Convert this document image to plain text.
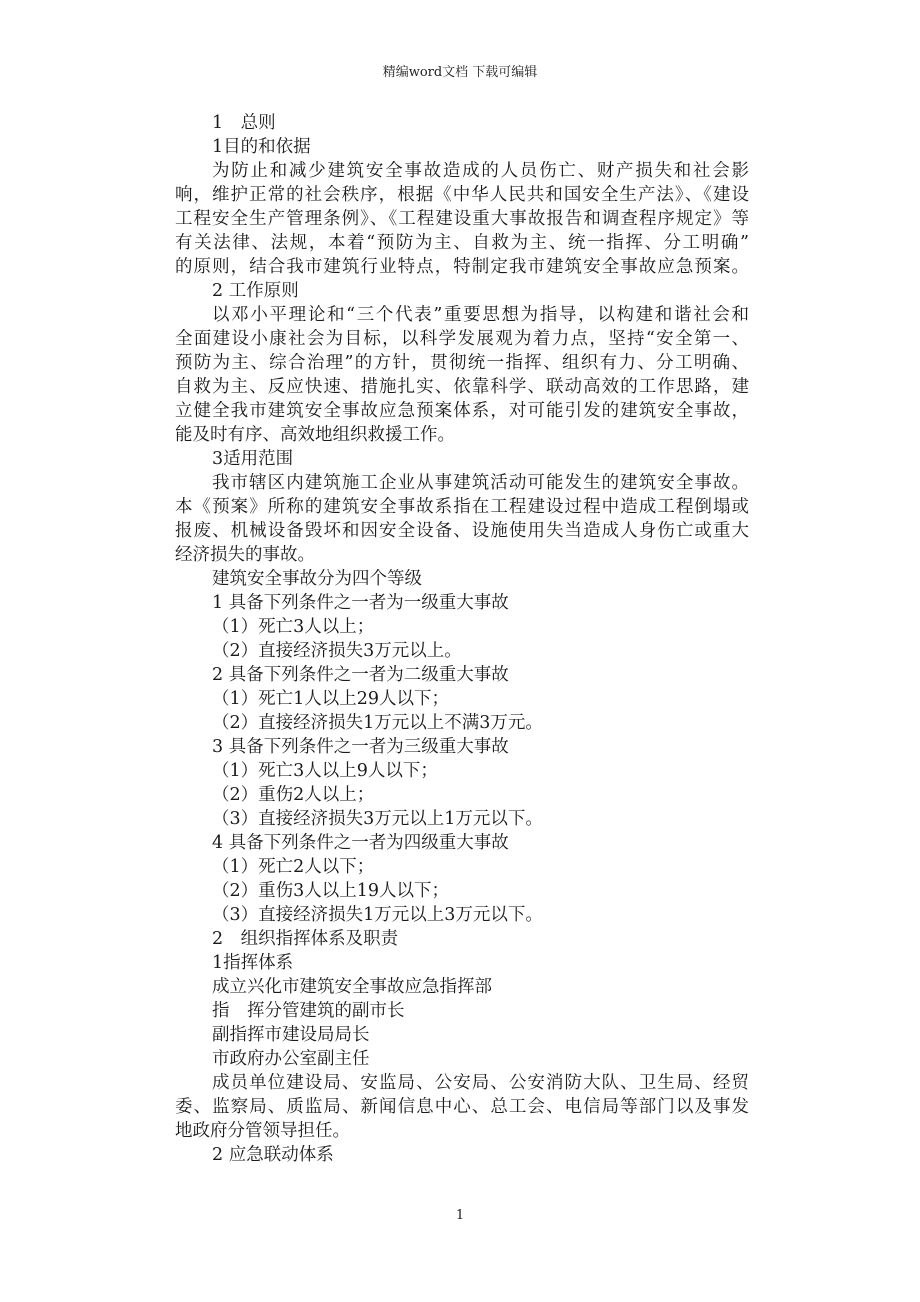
精编word文档 下载可编辑
1　总则
1目的和依据
为防止和减少建筑安全事故造成的人员伤亡、财产损失和社会影
响，维护正常的社会秩序，根据《中华人民共和国安全生产法》、《建设
工程安全生产管理条例》、《工程建设重大事故报告和调查程序规定》等
有关法律、法规，本着“预防为主、自救为主、统一指挥、分工明确”
的原则，结合我市建筑行业特点，特制定我市建筑安全事故应急预案。
2 工作原则
以邓小平理论和“三个代表”重要思想为指导，以构建和谐社会和
全面建设小康社会为目标，以科学发展观为着力点，坚持“安全第一、
预防为主、综合治理”的方针，贯彻统一指挥、组织有力、分工明确、
自救为主、反应快速、措施扎实、依靠科学、联动高效的工作思路，建
立健全我市建筑安全事故应急预案体系，对可能引发的建筑安全事故，
能及时有序、高效地组织救援工作。
3适用范围
我市辖区内建筑施工企业从事建筑活动可能发生的建筑安全事故。
本《预案》所称的建筑安全事故系指在工程建设过程中造成工程倒塌或
报废、机械设备毁坏和因安全设备、设施使用失当造成人身伤亡或重大
经济损失的事故。
建筑安全事故分为四个等级
1 具备下列条件之一者为一级重大事故
（1）死亡3人以上；
（2）直接经济损失3万元以上。
2 具备下列条件之一者为二级重大事故
（1）死亡1人以上29人以下；
（2）直接经济损失1万元以上不满3万元。
3 具备下列条件之一者为三级重大事故
（1）死亡3人以上9人以下；
（2）重伤2人以上；
（3）直接经济损失3万元以上1万元以下。
4 具备下列条件之一者为四级重大事故
（1）死亡2人以下；
（2）重伤3人以上19人以下；
（3）直接经济损失1万元以上3万元以下。
2　组织指挥体系及职责
1指挥体系
成立兴化市建筑安全事故应急指挥部
指　挥分管建筑的副市长
副指挥市建设局局长
市政府办公室副主任
成员单位建设局、安监局、公安局、公安消防大队、卫生局、经贸
委、监察局、质监局、新闻信息中心、总工会、电信局等部门以及事发
地政府分管领导担任。
2 应急联动体系
1
